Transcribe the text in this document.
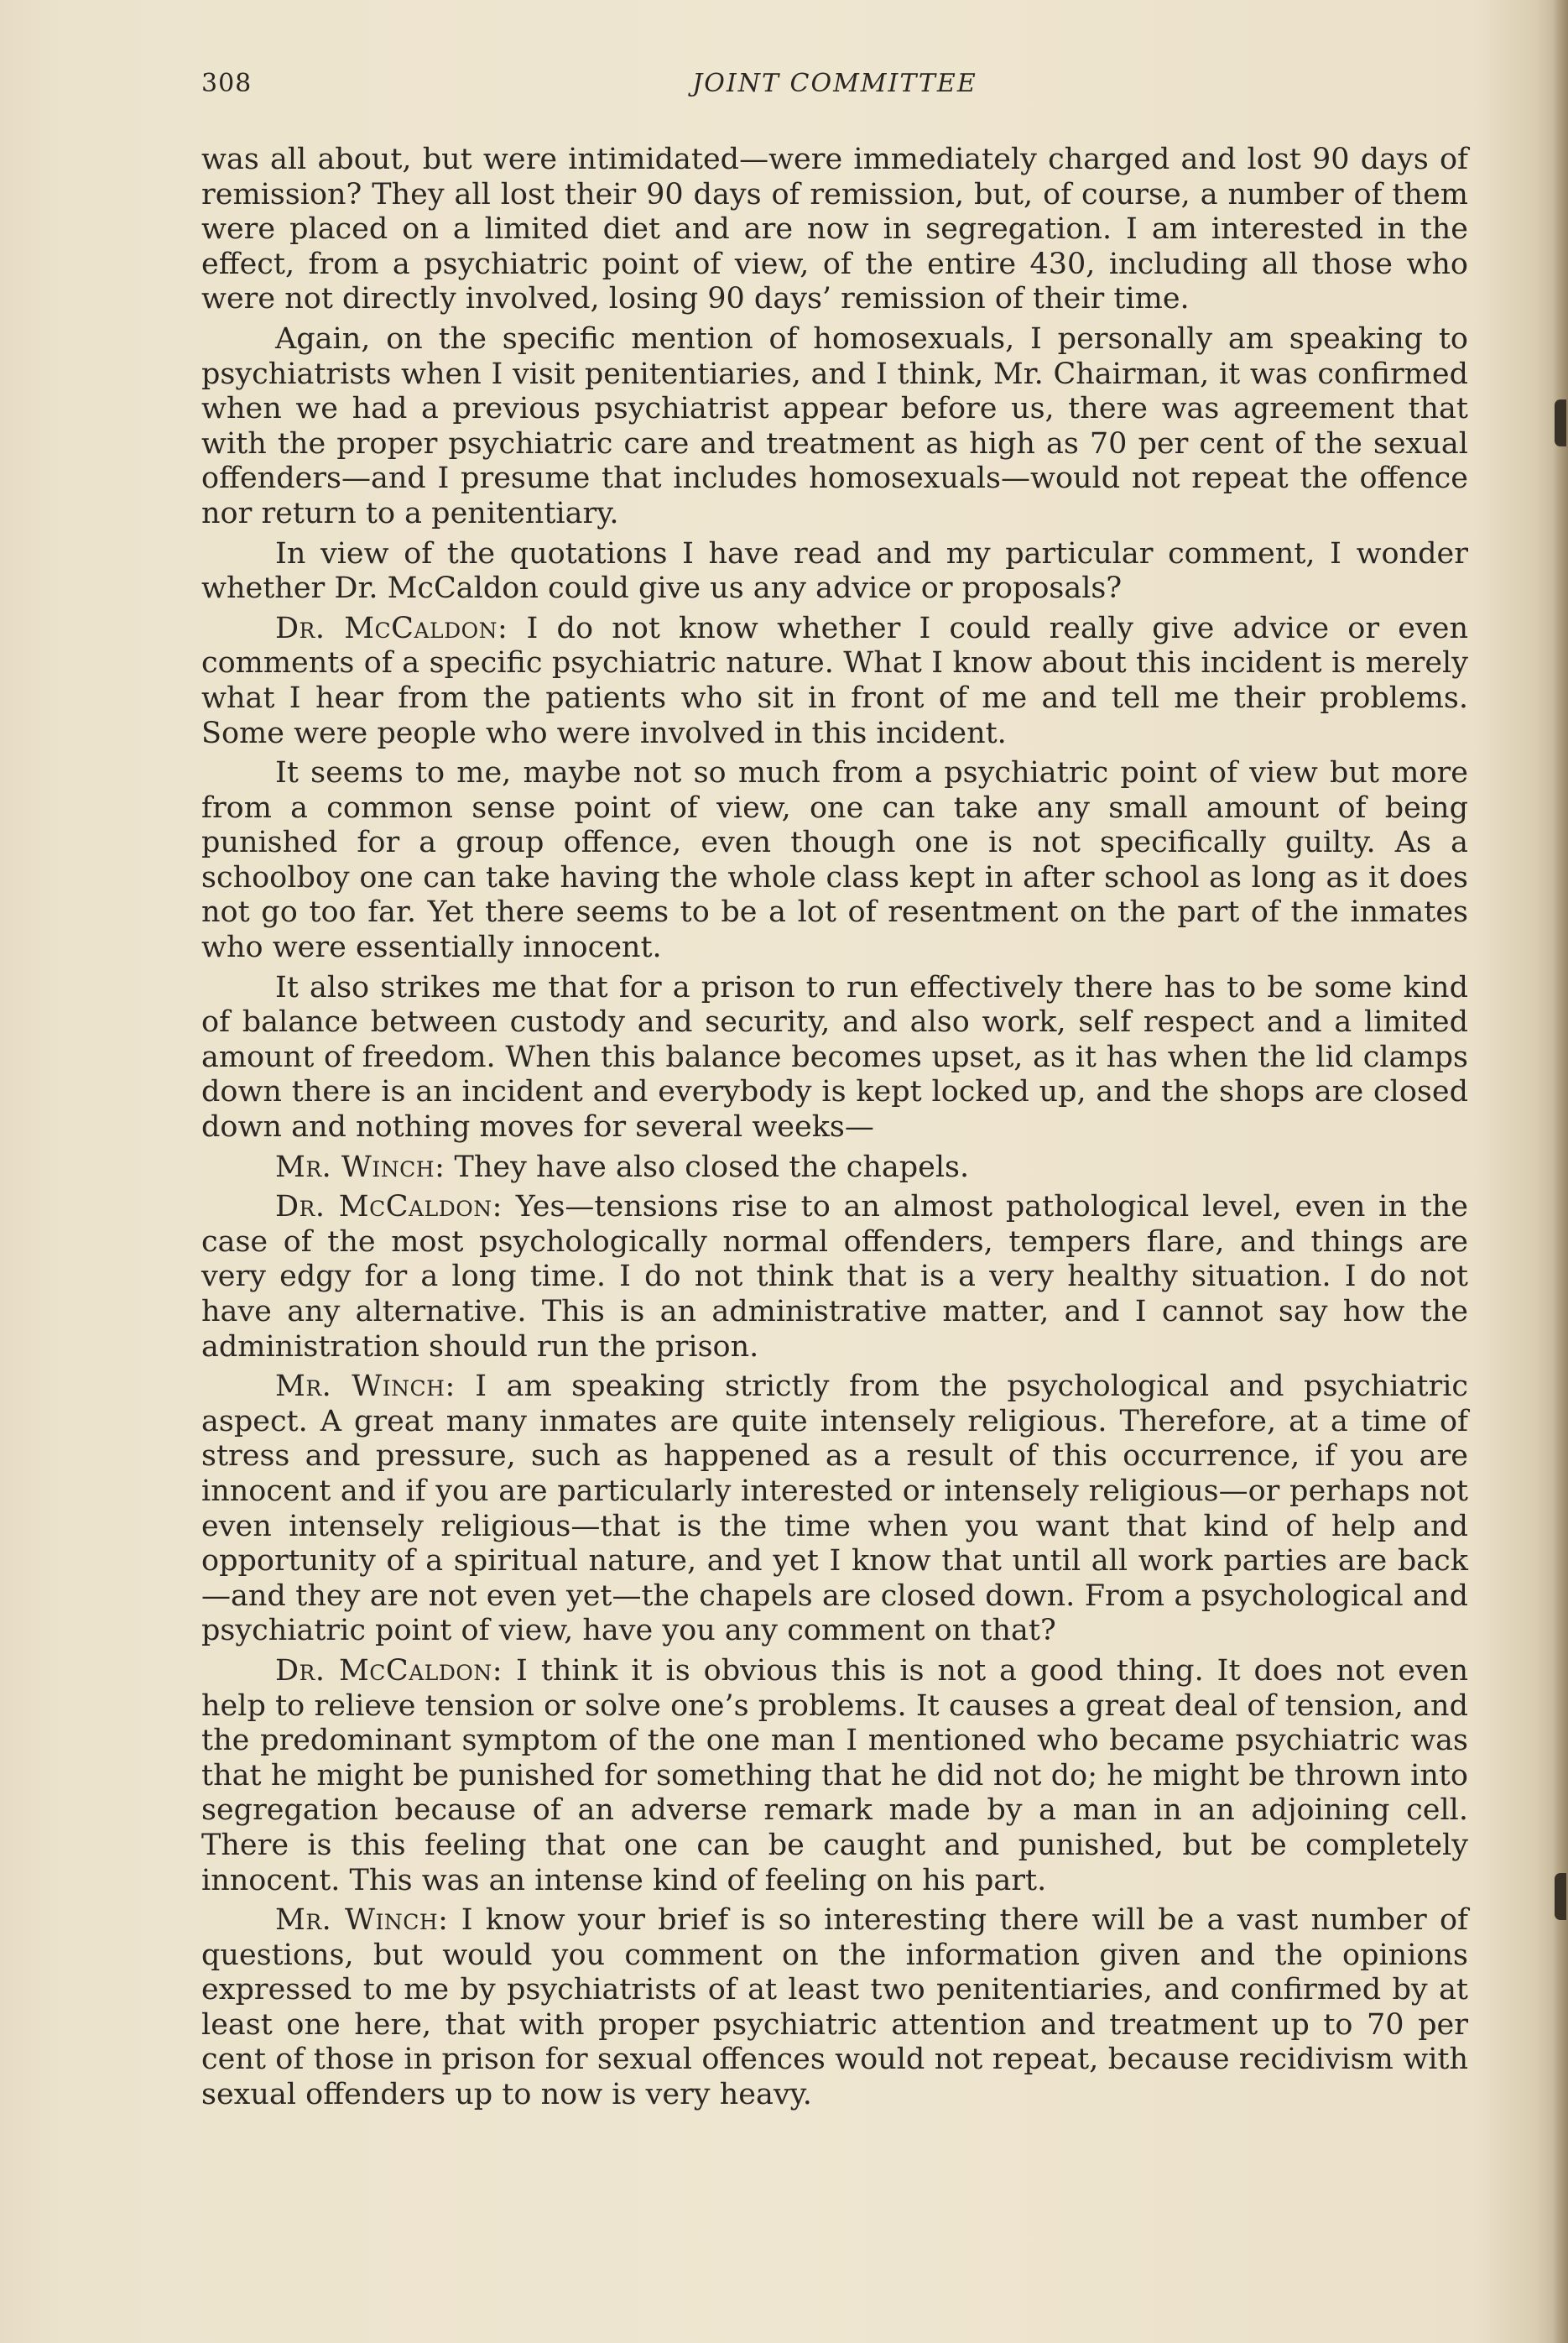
308	JOINT COMMITTEE

was all about, but were intimidated—were immediately charged and lost 90 days of remission? They all lost their 90 days of remission, but, of course, a number of them were placed on a limited diet and are now in segregation. I am interested in the effect, from a psychiatric point of view, of the entire 430, including all those who were not directly involved, losing 90 days’ remission of their time.

Again, on the specific mention of homosexuals, I personally am speaking to psychiatrists when I visit penitentiaries, and I think, Mr. Chairman, it was confirmed when we had a previous psychiatrist appear before us, there was agreement that with the proper psychiatric care and treatment as high as 70 per cent of the sexual offenders—and I presume that includes homosexuals—would not repeat the offence nor return to a penitentiary.

In view of the quotations I have read and my particular comment, I wonder whether Dr. McCaldon could give us any advice or proposals?

Dr. McCaldon: I do not know whether I could really give advice or even comments of a specific psychiatric nature. What I know about this incident is merely what I hear from the patients who sit in front of me and tell me their problems. Some were people who were involved in this incident.

It seems to me, maybe not so much from a psychiatric point of view but more from a common sense point of view, one can take any small amount of being punished for a group offence, even though one is not specifically guilty. As a schoolboy one can take having the whole class kept in after school as long as it does not go too far. Yet there seems to be a lot of resentment on the part of the inmates who were essentially innocent.

It also strikes me that for a prison to run effectively there has to be some kind of balance between custody and security, and also work, self respect and a limited amount of freedom. When this balance becomes upset, as it has when the lid clamps down there is an incident and everybody is kept locked up, and the shops are closed down and nothing moves for several weeks—

Mr. Winch: They have also closed the chapels.

Dr. McCaldon: Yes—tensions rise to an almost pathological level, even in the case of the most psychologically normal offenders, tempers flare, and things are very edgy for a long time. I do not think that is a very healthy situation. I do not have any alternative. This is an administrative matter, and I cannot say how the administration should run the prison.

Mr. Winch: I am speaking strictly from the psychological and psychiatric aspect. A great many inmates are quite intensely religious. Therefore, at a time of stress and pressure, such as happened as a result of this occurrence, if you are innocent and if you are particularly interested or intensely religious—or perhaps not even intensely religious—that is the time when you want that kind of help and opportunity of a spiritual nature, and yet I know that until all work parties are back—and they are not even yet—the chapels are closed down. From a psychological and psychiatric point of view, have you any comment on that?

Dr. McCaldon: I think it is obvious this is not a good thing. It does not even help to relieve tension or solve one’s problems. It causes a great deal of tension, and the predominant symptom of the one man I mentioned who became psychiatric was that he might be punished for something that he did not do; he might be thrown into segregation because of an adverse remark made by a man in an adjoining cell. There is this feeling that one can be caught and punished, but be completely innocent. This was an intense kind of feeling on his part.

Mr. Winch: I know your brief is so interesting there will be a vast number of questions, but would you comment on the information given and the opinions expressed to me by psychiatrists of at least two penitentiaries, and confirmed by at least one here, that with proper psychiatric attention and treatment up to 70 per cent of those in prison for sexual offences would not repeat, because recidivism with sexual offenders up to now is very heavy.
